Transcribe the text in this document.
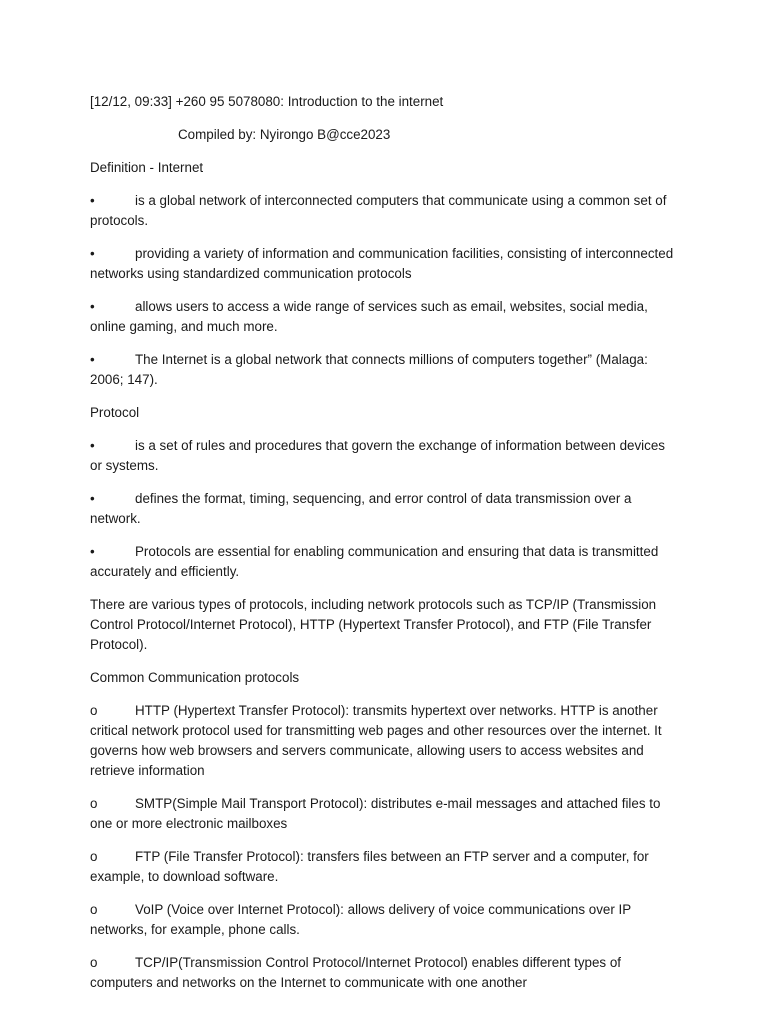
[12/12, 09:33] +260 95 5078080: Introduction to the internet

Compiled by: Nyirongo B@cce2023

Definition - Internet

•	is a global network of interconnected computers that communicate using a common set of protocols.

•	providing a variety of information and communication facilities, consisting of interconnected networks using standardized communication protocols

•	allows users to access a wide range of services such as email, websites, social media, online gaming, and much more.

•	The Internet is a global network that connects millions of computers together” (Malaga: 2006; 147).

Protocol

•	is a set of rules and procedures that govern the exchange of information between devices or systems.

•	defines the format, timing, sequencing, and error control of data transmission over a network.

•	Protocols are essential for enabling communication and ensuring that data is transmitted accurately and efficiently.

There are various types of protocols, including network protocols such as TCP/IP (Transmission Control Protocol/Internet Protocol), HTTP (Hypertext Transfer Protocol), and FTP (File Transfer Protocol).

Common Communication protocols

o	HTTP (Hypertext Transfer Protocol): transmits hypertext over networks. HTTP is another critical network protocol used for transmitting web pages and other resources over the internet. It governs how web browsers and servers communicate, allowing users to access websites and retrieve information

o	SMTP(Simple Mail Transport Protocol): distributes e-mail messages and attached files to one or more electronic mailboxes

o	FTP (File Transfer Protocol): transfers files between an FTP server and a computer, for example, to download software.

o	VoIP (Voice over Internet Protocol): allows delivery of voice communications over IP networks, for example, phone calls.

o	TCP/IP(Transmission Control Protocol/Internet Protocol) enables different types of computers and networks on the Internet to communicate with one another
